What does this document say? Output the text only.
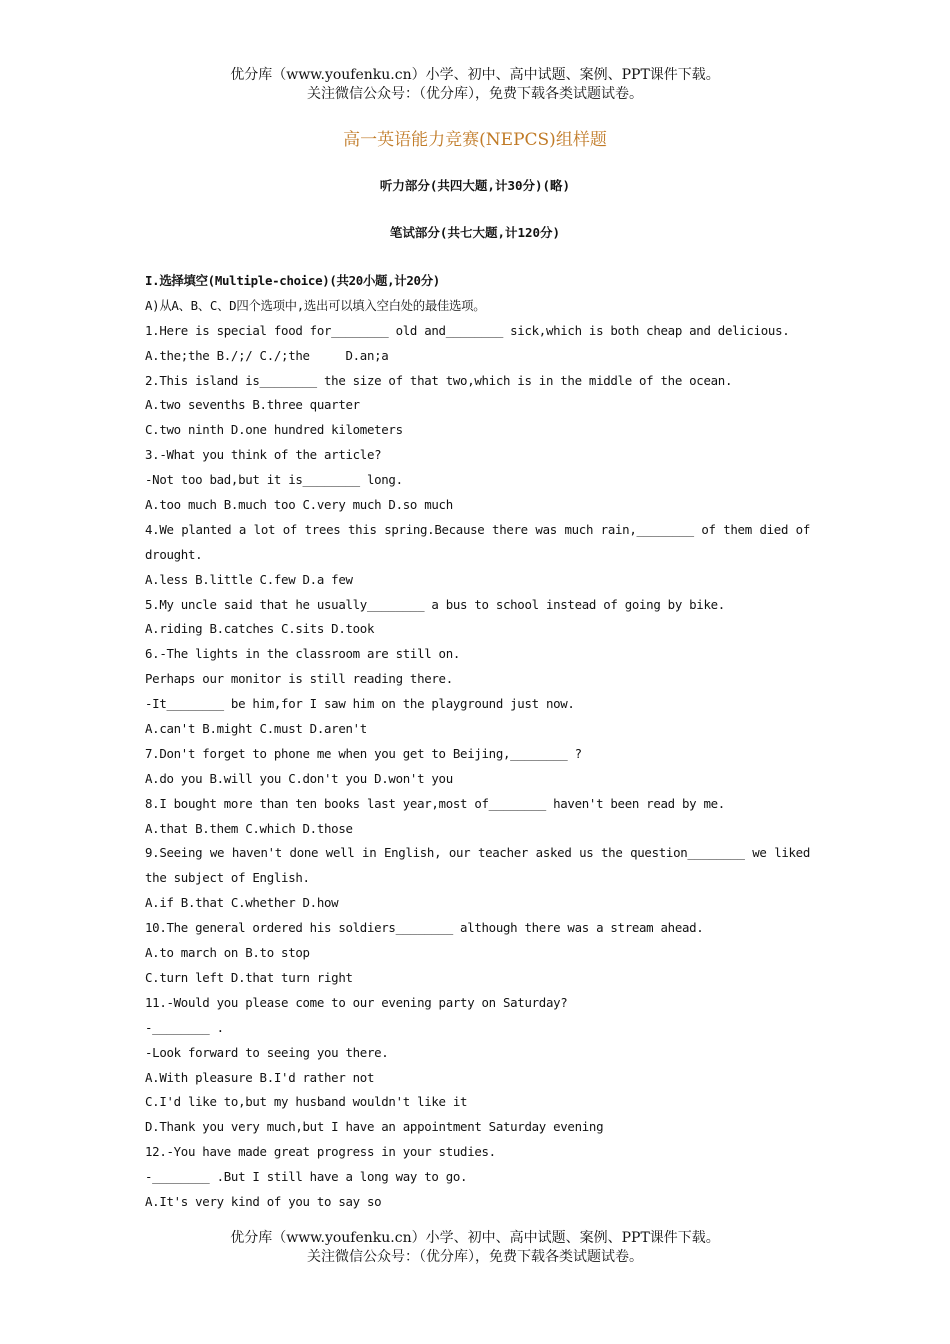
优分库（www.youfenku.cn）小学、初中、高中试题、案例、PPT课件下载。
关注微信公众号：（优分库），免费下载各类试题试卷。
高一英语能力竞赛(NEPCS)组样题
听力部分(共四大题,计30分)(略)
笔试部分(共七大题,计120分)
I.选择填空(Multiple-choice)(共20小题,计20分)
A)从A、B、C、D四个选项中,选出可以填入空白处的最佳选项。
1.Here is special food for________ old and________ sick,which is both cheap and delicious.
A.the;the B./;/ C./;the     D.an;a
2.This island is________ the size of that two,which is in the middle of the ocean.
A.two sevenths B.three quarter
C.two ninth D.one hundred kilometers
3.-What you think of the article?
-Not too bad,but it is________ long.
A.too much B.much too C.very much D.so much
4.We planted a lot of trees this spring.Because there was much rain,________ of them died of
drought.
A.less B.little C.few D.a few
5.My uncle said that he usually________ a bus to school instead of going by bike.
A.riding B.catches C.sits D.took
6.-The lights in the classroom are still on.
Perhaps our monitor is still reading there.
-It________ be him,for I saw him on the playground just now.
A.can't B.might C.must D.aren't
7.Don't forget to phone me when you get to Beijing,________ ?
A.do you B.will you C.don't you D.won't you
8.I bought more than ten books last year,most of________ haven't been read by me.
A.that B.them C.which D.those
9.Seeing we haven't done well in English, our teacher asked us the question________ we liked
the subject of English.
A.if B.that C.whether D.how
10.The general ordered his soldiers________ although there was a stream ahead.
A.to march on B.to stop
C.turn left D.that turn right
11.-Would you please come to our evening party on Saturday?
-________ .
-Look forward to seeing you there.
A.With pleasure B.I'd rather not
C.I'd like to,but my husband wouldn't like it
D.Thank you very much,but I have an appointment Saturday evening
12.-You have made great progress in your studies.
-________ .But I still have a long way to go.
A.It's very kind of you to say so
优分库（www.youfenku.cn）小学、初中、高中试题、案例、PPT课件下载。
关注微信公众号：（优分库），免费下载各类试题试卷。
